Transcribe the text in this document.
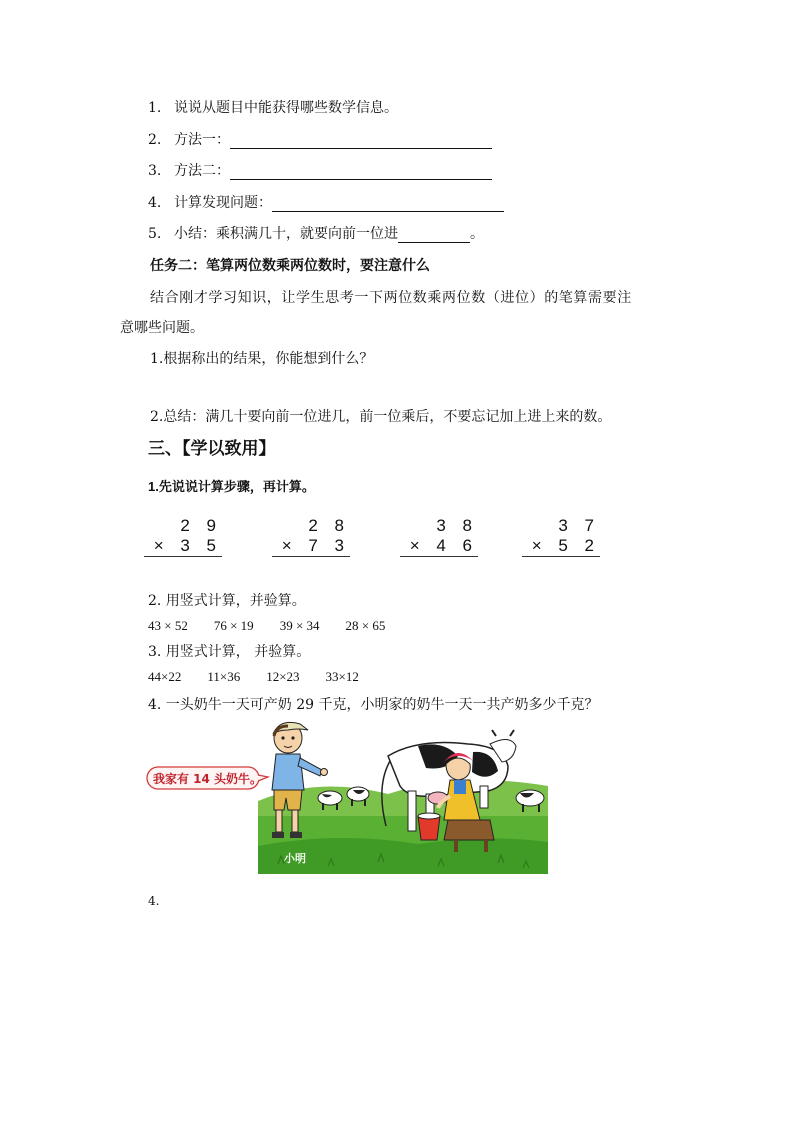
1. 说说从题目中能获得哪些数学信息。
2. 方法一：
3. 方法二：
4. 计算发现问题：
5. 小结：乘积满几十，就要向前一位进	。
任务二：笔算两位数乘两位数时，要注意什么
结合刚才学习知识，让学生思考一下两位数乘两位数（进位）的笔算需要注
意哪些问题。
1.根据称出的结果，你能想到什么？
2.总结：满几十要向前一位进几，前一位乘后，不要忘记加上进上来的数。
三、【学以致用】
1.先说说计算步骤，再计算。
2 9
× 3 5
2 8
× 7 3
3 8
× 4 6
3 7
× 5 2
2. 用竖式计算，并验算。
43 × 52 76 × 19 39 × 34 28 × 65
3. 用竖式计算， 并验算。
44×22 11×36 12×23 33×12
4. 一头奶牛一天可产奶 29 千克，小明家的奶牛一天一共产奶多少千克？
小明
我家有 14 头奶牛。
4.
